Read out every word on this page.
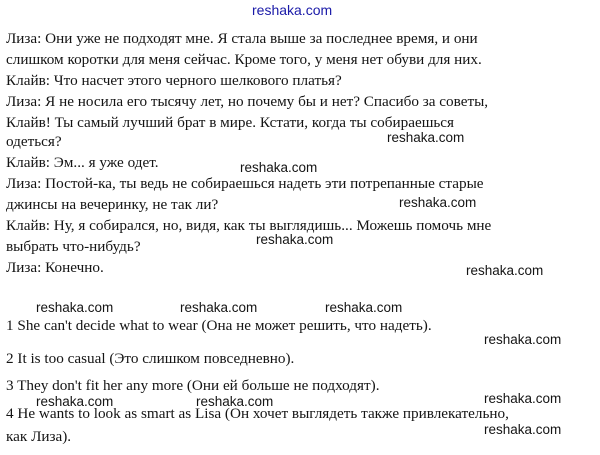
reshaka.com
Лиза: Они уже не подходят мне. Я стала выше за последнее время, и они
слишком коротки для меня сейчас. Кроме того, у меня нет обуви для них.
Клайв: Что насчет этого черного шелкового платья?
Лиза: Я не носила его тысячу лет, но почему бы и нет? Спасибо за советы,
Клайв! Ты самый лучший брат в мире. Кстати, когда ты собираешься
одеться?
Клайв: Эм... я уже одет.
Лиза: Постой-ка, ты ведь не собираешься надеть эти потрепанные старые
джинсы на вечеринку, не так ли?
Клайв: Ну, я собирался, но, видя, как ты выглядишь... Можешь помочь мне
выбрать что-нибудь?
Лиза: Конечно.
1 She can't decide what to wear (Она не может решить, что надеть).
2 It is too casual (Это слишком повседневно).
3 They don't fit her any more (Они ей больше не подходят).
4 He wants to look as smart as Lisa (Он хочет выглядеть также привлекательно,
как Лиза).
reshaka.com
reshaka.com
reshaka.com
reshaka.com
reshaka.com
reshaka.com	reshaka.com	reshaka.com
reshaka.com
reshaka.com
reshaka.com	reshaka.com
reshaka.com
